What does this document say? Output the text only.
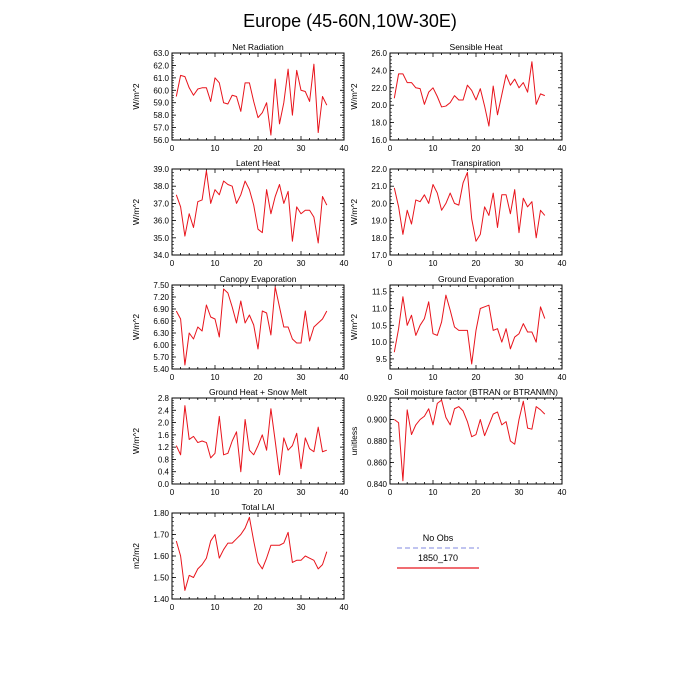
Europe (45-60N,10W-30E)
0	10	20	30	40
56.0
57.0
58.0
59.0
60.0
61.0
62.0
63.0
Net Radiation
W/m^2
0	10	20	30	40
16.0
18.0
20.0
22.0
24.0
26.0
Sensible Heat
W/m^2
0	10	20	30	40
34.0
35.0
36.0
37.0
38.0
39.0
Latent Heat
W/m^2
0	10	20	30	40
17.0
18.0
19.0
20.0
21.0
22.0
Transpiration
W/m^2
0	10	20	30	40
5.40
5.70
6.00
6.30
6.60
6.90
7.20
7.50
Canopy Evaporation
W/m^2
0	10	20	30	40
9.5
10.0
10.5
11.0
11.5
Ground Evaporation
W/m^2
0	10	20	30	40
0.0
0.4
0.8
1.2
1.6
2.0
2.4
2.8
Ground Heat + Snow Melt
W/m^2
0	10	20	30	40
0.840
0.860
0.880
0.900
0.920
Soil moisture factor (BTRAN or BTRANMN)
unitless
0	10	20	30	40
1.40
1.50
1.60
1.70
1.80
Total LAI
m2/m2
No Obs
1850_170
